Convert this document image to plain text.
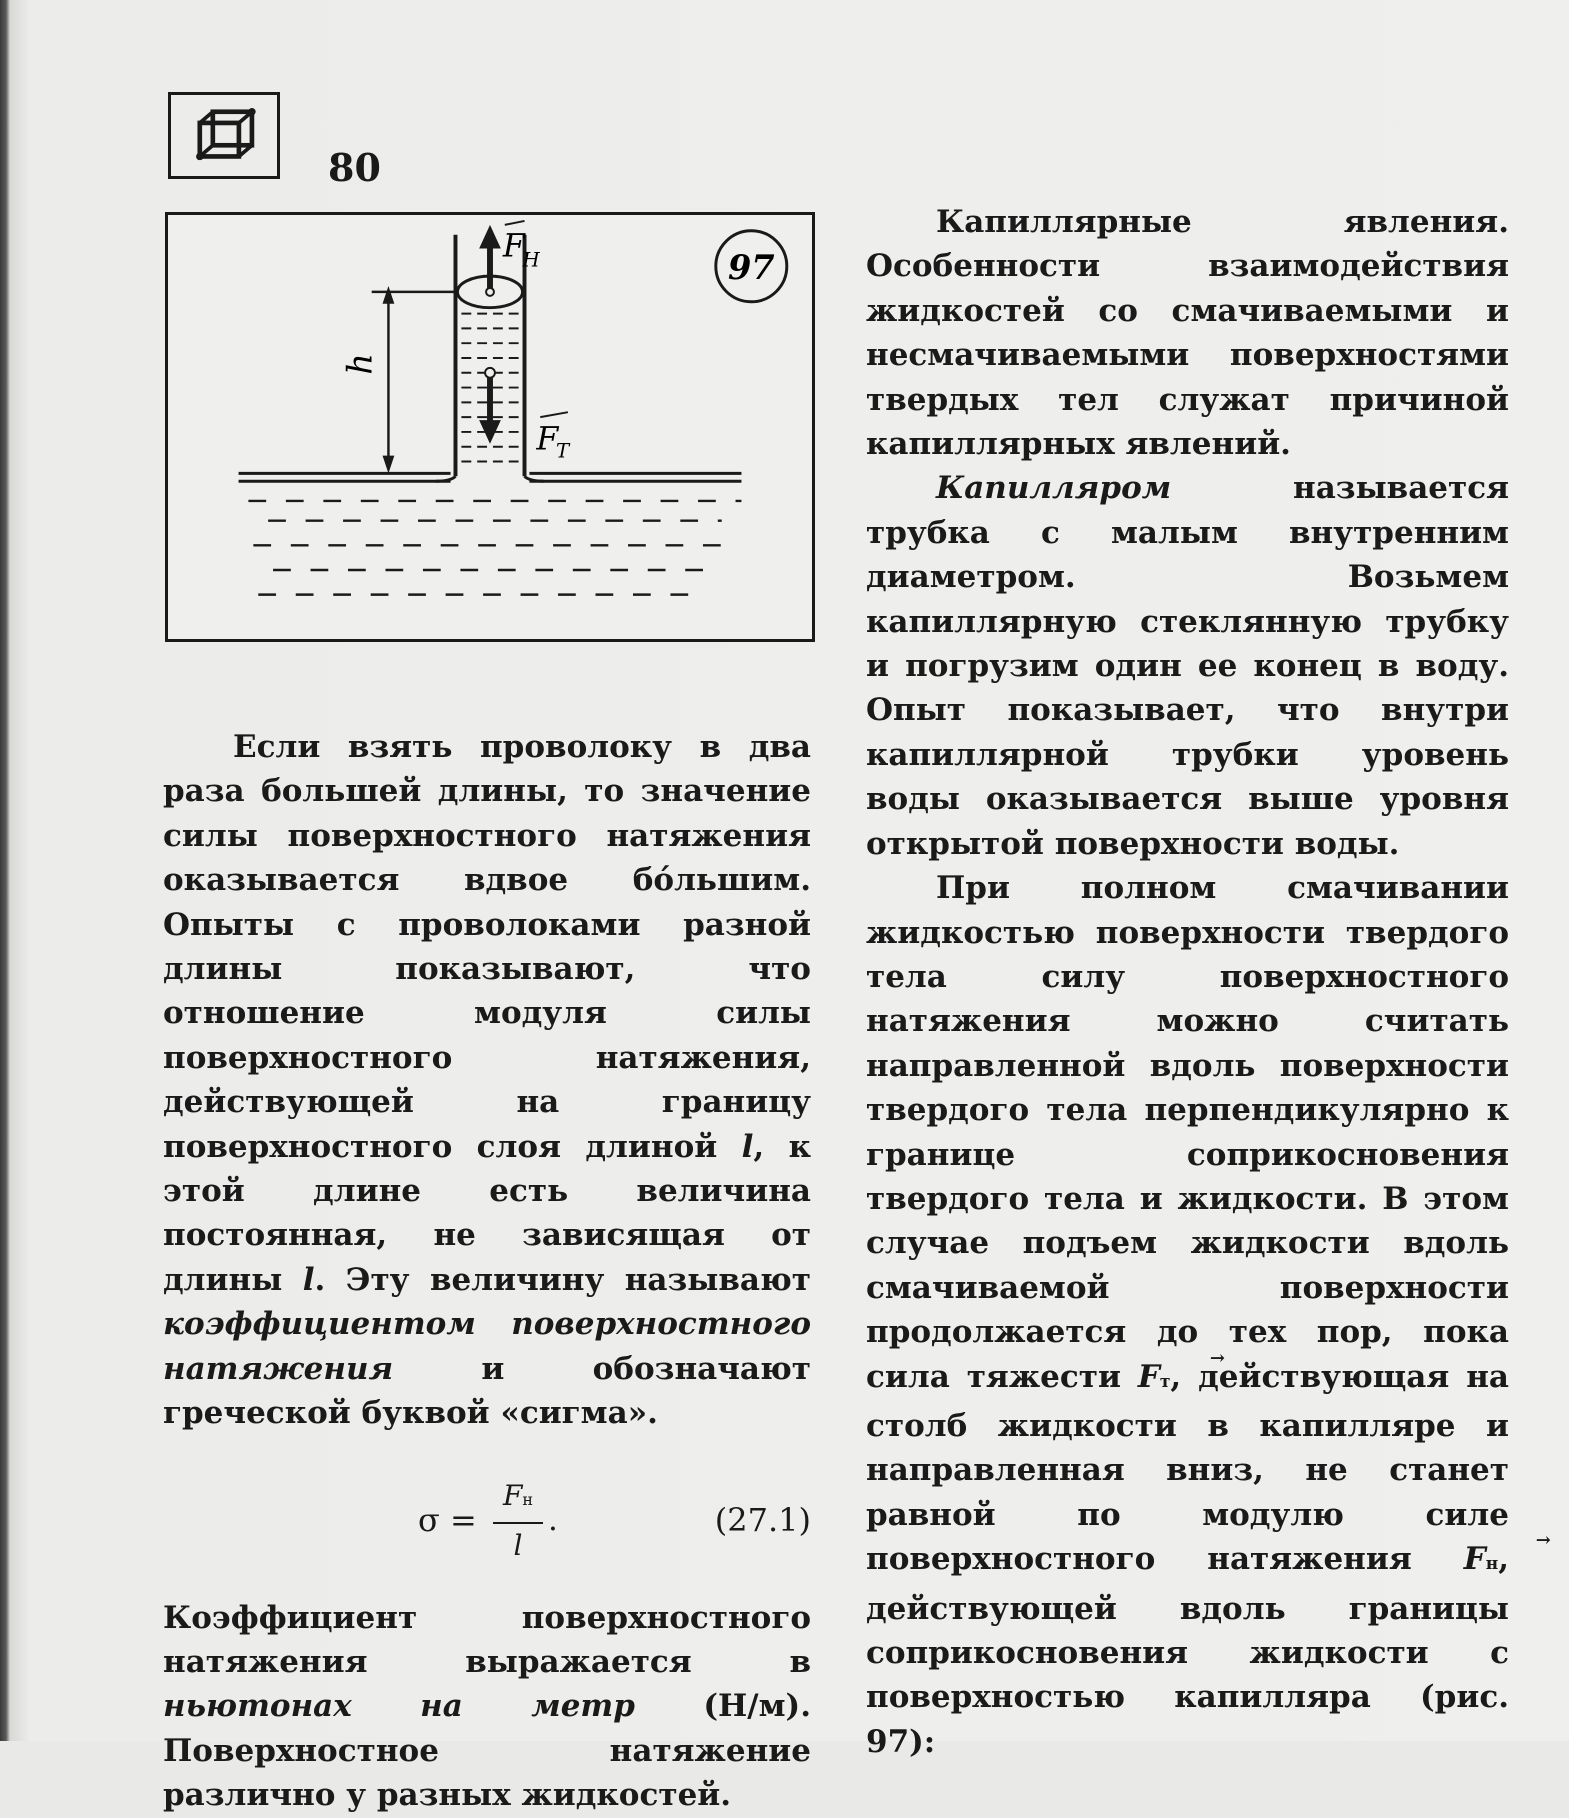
80
h
F
Н
F
Т
97

Если взять проволоку в два раза большей длины, то значение силы поверхностного натяжения оказывается вдвое бо́льшим. Опыты с проволоками разной длины показывают, что отношение модуля силы поверхностного натяжения, действующей на границу поверхностного слоя длиной l, к этой длине есть величина постоянная, не зависящая от длины l. Эту величину называют коэффициентом поверхностного натяжения и обозначают греческой буквой «сигма».

σ =
Fн
l
.	(27.1)

Коэффициент поверхностного натяжения выражается в ньютонах на метр (Н/м). Поверхностное натяжение различно у разных жидкостей.

Капиллярные явления. Особенности взаимодействия жидкостей со смачиваемыми и несмачиваемыми поверхностями твердых тел служат причиной капиллярных явлений.

Капилляром называется трубка с малым внутренним диаметром. Возьмем капиллярную стеклянную трубку и погрузим один ее конец в воду. Опыт показывает, что внутри капиллярной трубки уровень воды оказывается выше уровня открытой поверхности воды.

При полном смачивании жидкостью поверхности твердого тела силу поверхностного натяжения можно считать направленной вдоль поверхности твердого тела перпендикулярно к границе соприкосновения твердого тела и жидкости. В этом случае подъем жидкости вдоль смачиваемой поверхности продолжается до тех пор, пока сила тяжести → Fт, действующая на столб жидкости в капилляре и направленная вниз, не станет равной по модулю силе поверхностного натяжения → Fн, действующей вдоль границы соприкосновения жидкости с поверхностью капилляра (рис. 97):
